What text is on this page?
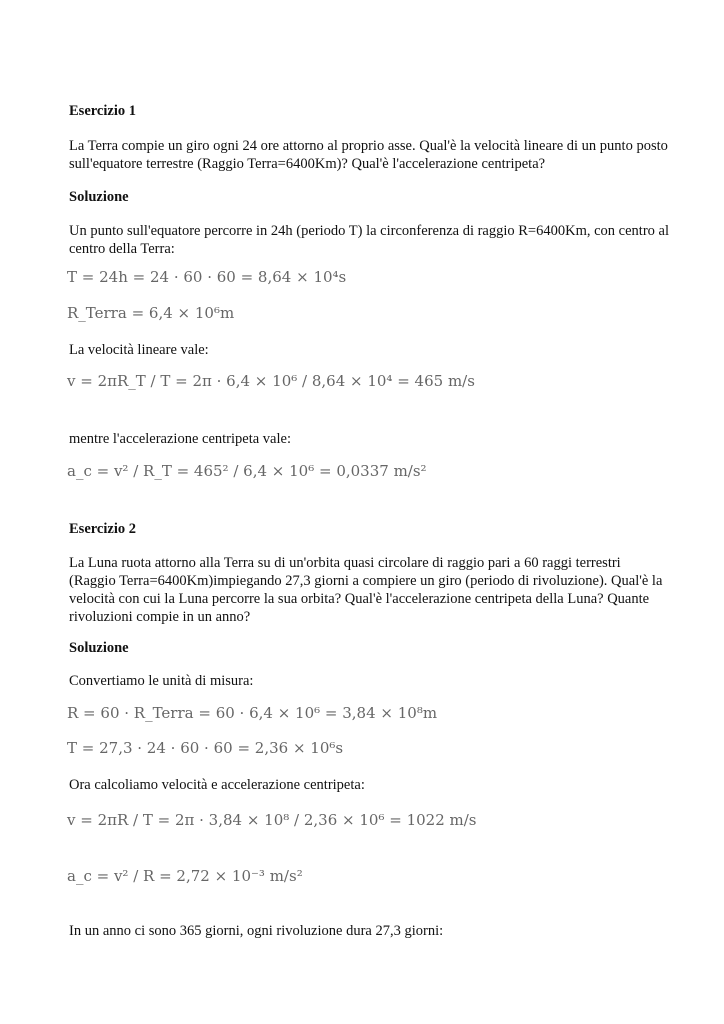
Esercizio 1

La Terra compie un giro ogni 24 ore attorno al proprio asse. Qual'è la velocità lineare di un punto posto sull'equatore terrestre (Raggio Terra=6400Km)? Qual'è l'accelerazione centripeta?

Soluzione

Un punto sull'equatore percorre in 24h (periodo T) la circonferenza di raggio R=6400Km, con centro al centro della Terra:

T = 24h = 24 · 60 · 60 = 8,64 × 10⁴s
R_Terra = 6,4 × 10⁶m

La velocità lineare vale:

v = 2πR_T / T = 2π · 6,4 × 10⁶ / 8,64 × 10⁴ = 465 m/s

mentre l'accelerazione centripeta vale:

a_c = v² / R_T = 465² / 6,4 × 10⁶ = 0,0337 m/s²

Esercizio 2

La Luna ruota attorno alla Terra su di un'orbita quasi circolare di raggio pari a 60 raggi terrestri (Raggio Terra=6400Km)impiegando 27,3 giorni a compiere un giro (periodo di rivoluzione). Qual'è la velocità con cui la Luna percorre la sua orbita? Qual'è l'accelerazione centripeta della Luna? Quante rivoluzioni compie in un anno?

Soluzione

Convertiamo le unità di misura:

R = 60 · R_Terra = 60 · 6,4 × 10⁶ = 3,84 × 10⁸m
T = 27,3 · 24 · 60 · 60 = 2,36 × 10⁶s

Ora calcoliamo velocità e accelerazione centripeta:

v = 2πR / T = 2π · 3,84 × 10⁸ / 2,36 × 10⁶ = 1022 m/s
a_c = v² / R = 2,72 × 10⁻³ m/s²

In un anno ci sono 365 giorni, ogni rivoluzione dura 27,3 giorni:
